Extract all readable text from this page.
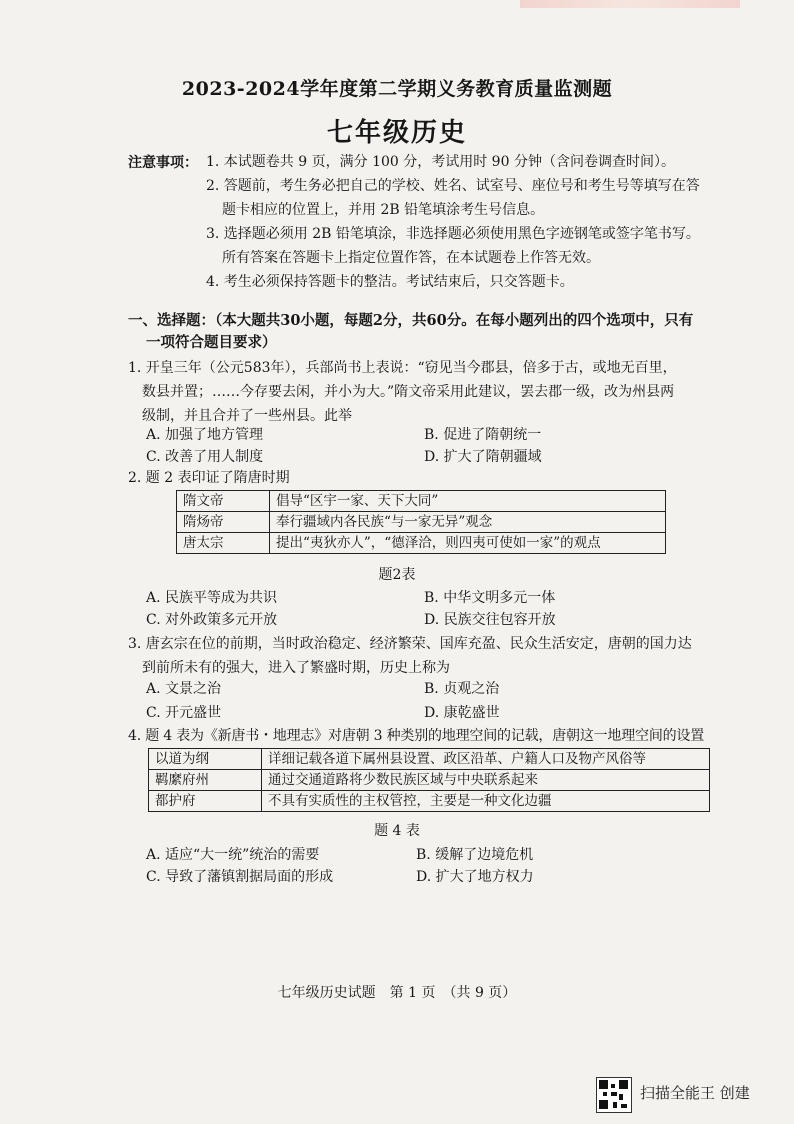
2023-2024学年度第二学期义务教育质量监测题
七年级历史
注意事项： 1. 本试题卷共 9 页，满分 100 分，考试用时 90 分钟（含问卷调查时间）。
2. 答题前，考生务必把自己的学校、姓名、试室号、座位号和考生号等填写在答
题卡相应的位置上，并用 2B 铅笔填涂考生号信息。
3. 选择题必须用 2B 铅笔填涂，非选择题必须使用黑色字迹钢笔或签字笔书写。
所有答案在答题卡上指定位置作答，在本试题卷上作答无效。
4. 考生必须保持答题卡的整洁。考试结束后，只交答题卡。
一、选择题：（本大题共30小题，每题2分，共60分。在每小题列出的四个选项中，只有
一项符合题目要求）
1. 开皇三年（公元583年），兵部尚书上表说：“窃见当今郡县，倍多于古，或地无百里，
数县并置；……今存要去闲，并小为大。”隋文帝采用此建议，罢去郡一级，改为州县两
级制，并且合并了一些州县。此举
A. 加强了地方管理	B. 促进了隋朝统一
C. 改善了用人制度	D. 扩大了隋朝疆域
2. 题 2 表印证了隋唐时期
隋文帝	倡导“区宇一家、天下大同”
隋炀帝	奉行疆域内各民族“与一家无异”观念
唐太宗	提出“夷狄亦人”，“德泽洽，则四夷可使如一家”的观点
题2表
A. 民族平等成为共识	B. 中华文明多元一体
C. 对外政策多元开放	D. 民族交往包容开放
3. 唐玄宗在位的前期，当时政治稳定、经济繁荣、国库充盈、民众生活安定，唐朝的国力达
到前所未有的强大，进入了繁盛时期，历史上称为
A. 文景之治	B. 贞观之治
C. 开元盛世	D. 康乾盛世
4. 题 4 表为《新唐书・地理志》对唐朝 3 种类别的地理空间的记载，唐朝这一地理空间的设置
以道为纲	详细记载各道下属州县设置、政区沿革、户籍人口及物产风俗等
羁縻府州	通过交通道路将少数民族区域与中央联系起来
都护府	不具有实质性的主权管控，主要是一种文化边疆
题 4 表
A. 适应“大一统”统治的需要	B. 缓解了边境危机
C. 导致了藩镇割据局面的形成	D. 扩大了地方权力
七年级历史试题　第 1 页　（共 9 页）
扫描全能王 创建
